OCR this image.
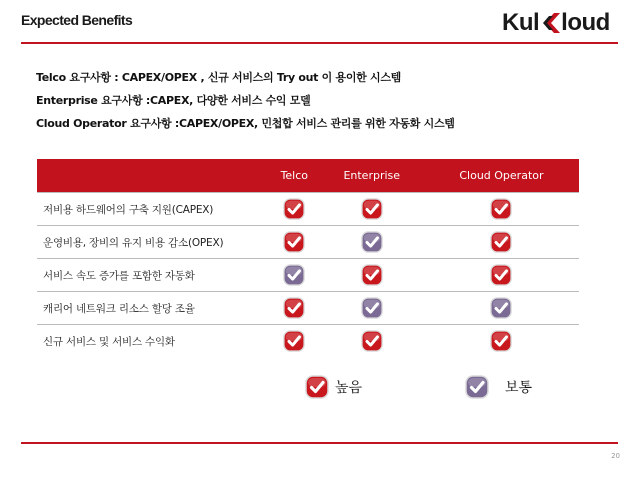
Expected Benefits	Kul loud
Telco 요구사항 : CAPEX/OPEX , 신규 서비스의 Try out 이 용이한 시스템
Enterprise 요구사항 :CAPEX, 다양한 서비스 수익 모델
Cloud Operator 요구사항 :CAPEX/OPEX, 민첩합 서비스 관리를 위한 자동화 시스템
	Telco	Enterprise	Cloud Operator
저비용 하드웨어의 구축 지원(CAPEX)			
운영비용, 장비의 유지 비용 감소(OPEX)			
서비스 속도 증가를 포함한 자동화			
캐리어 네트워크 리소스 할당 조율			
신규 서비스 및 서비스 수익화			
높음	보통
20
